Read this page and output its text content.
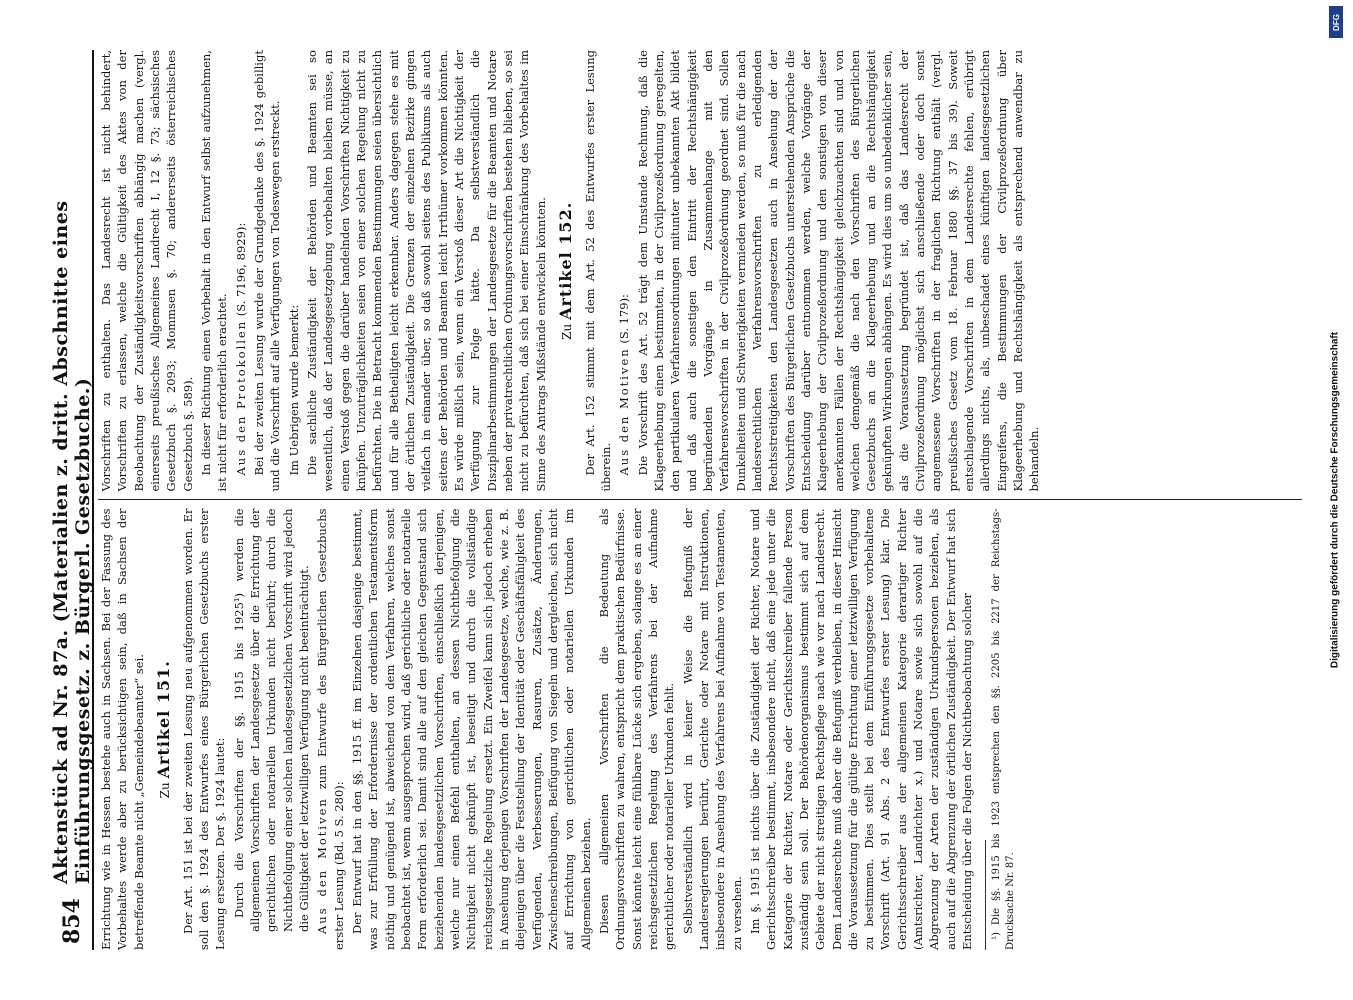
854
Aktenstück ad Nr. 87a. (Materialien z. dritt. Abschnitte eines Einführungsgesetz. z. Bürgerl. Gesetzbuche.) Errichtung wie in Hessen bestehe auch in Sachsen. Bei der Fassung des Vorbehaltes werde aber zu berücksichtigen sein, daß in Sachsen der betreffende Beamte nicht „Gemeindebeamter“ sei.	Zu Artikel 151. Der Art. 151 ist bei der zweiten Lesung neu aufgenommen worden. Er soll den §. 1924 des Entwurfes eines Bürgerlichen Gesetzbuchs erster Lesung ersetzen. Der §. 1924 lautet: Durch die Vorschriften der §§. 1915 bis 1925¹) werden die allgemeinen Vorschriften der Landesgesetze über die Errichtung der gerichtlichen oder notariellen Urkunden nicht berührt; durch die Nichtbefolgung einer solchen landesgesetzlichen Vorschrift wird jedoch die Gültigkeit der letztwilligen Verfügung nicht beeinträchtigt. Aus den Motiven zum Entwurfe des Bürgerlichen Gesetzbuchs erster Lesung (Bd. 5 S. 280): Der Entwurf hat in den §§. 1915 ff. im Einzelnen dasjenige bestimmt, was zur Erfüllung der Erfordernisse der ordentlichen Testamentsform nöthig und genügend ist, abweichend von dem Verfahren, welches sonst beobachtet ist, wenn ausgesprochen wird, daß gerichtliche oder notarielle Form erforderlich sei. Damit sind alle auf den gleichen Gegenstand sich beziehenden landesgesetzlichen Vorschriften, einschließlich derjenigen, welche nur einen Befehl enthalten, an dessen Nichtbefolgung die Nichtigkeit nicht geknüpft ist, beseitigt und durch die vollständige reichsgesetzliche Regelung ersetzt. Ein Zweifel kann sich jedoch erheben in Ansehung derjenigen Vorschriften der Landesgesetze, welche, wie z. B. diejenigen über die Feststellung der Identität oder Geschäftsfähigkeit des Verfügenden, Verbesserungen, Rasuren, Zusätze, Änderungen, Zwischenschreibungen, Beifügung von Siegeln und dergleichen, sich nicht auf Errichtung von gerichtlichen oder notariellen Urkunden im Allgemeinen beziehen. Diesen allgemeinen Vorschriften die Bedeutung als Ordnungsvorschriften zu wahren, entspricht dem praktischen Bedürfnisse. Sonst könnte leicht eine fühlbare Lücke sich ergeben, solange es an einer reichsgesetzlichen Regelung des Verfahrens bei der Aufnahme gerichtlicher oder notarieller Urkunden fehlt. Selbstverständlich wird in keiner Weise die Befugniß der Landesregierungen berührt, Gerichte oder Notare mit Instruktionen, insbesondere in Ansehung des Verfahrens bei Aufnahme von Testamenten, zu versehen. Im §. 1915 ist nichts über die Zuständigkeit der Richter, Notare und Gerichtsschreiber bestimmt, insbesondere nicht, daß eine jede unter die Kategorie der Richter, Notare oder Gerichtsschreiber fallende Person zuständig sein soll. Der Behördenorganismus bestimmt sich auf dem Gebiete der nicht streitigen Rechtspflege nach wie vor nach Landesrecht. Dem Landesrechte muß daher die Befugniß verbleiben, in dieser Hinsicht die Voraussetzung für die gültige Errichtung einer letztwilligen Verfügung zu bestimmen. Dies stellt bei dem Einführungsgesetze vorbehaltene Vorschrift (Art. 91 Abs. 2 des Entwurfes erster Lesung) klar. Die Gerichtsschreiber aus der allgemeinen Kategorie derartiger Richter (Amtsrichter, Landrichter x.) und Notare sowie sich sowohl auf die Abgrenzung der Arten der zuständigen Urkundspersonen beziehen, als auch auf die Abgrenzung der örtlichen Zuständigkeit. Der Entwurf hat sich Entscheidung über die Folgen der Nichtbeobachtung solcher ¹) Die §§. 1915 bis 1923 entsprechen den §§. 2205 bis 2217 der Reichstags-Drucksache Nr. 87.

Vorschriften zu enthalten. Das Landesrecht ist nicht behindert, Vorschriften zu erlassen, welche die Gültigkeit des Aktes von der Beobachtung der Zuständigkeitsvorschriften abhängig machen (vergl. einerseits preußisches Allgemeines Landrecht I, 12 §. 73; sächsisches Gesetzbuch §. 2093; Mommsen §. 70; andererseits österreichisches Gesetzbuch §. 589). In dieser Richtung einen Vorbehalt in den Entwurf selbst aufzunehmen, ist nicht für erforderlich erachtet. Aus den Protokollen (S. 7196, 8929): Bei der zweiten Lesung wurde der Grundgedanke des §. 1924 gebilligt und die Vorschrift auf alle Verfügungen von Todeswegen erstreckt. Im Uebrigen wurde bemerkt: Die sachliche Zuständigkeit der Behörden und Beamten sei so wesentlich, daß der Landesgesetzgebung vorbehalten bleiben müsse, an einen Verstoß gegen die darüber handelnden Vorschriften Nichtigkeit zu knüpfen. Unzuträglichkeiten seien von einer solchen Regelung nicht zu befürchten. Die in Betracht kommenden Bestimmungen seien übersichtlich und für alle Betheiligten leicht erkennbar. Anders dagegen stehe es mit der örtlichen Zuständigkeit. Die Grenzen der einzelnen Bezirke gingen vielfach in einander über, so daß sowohl seitens des Publikums als auch seitens der Behörden und Beamten leicht Irrthümer vorkommen könnten. Es würde mißlich sein, wenn ein Verstoß dieser Art die Nichtigkeit der Verfügung zur Folge hätte. Da selbstverständlich die Disziplinarbestimmungen der Landesgesetze für die Beamten und Notare neben der privatrechtlichen Ordnungsvorschriften bestehen blieben, so sei nicht zu befürchten, daß sich bei einer Einschränkung des Vorbehaltes im Sinne des Antrags Mißstände entwickeln könnten.	Zu Artikel 152. Der Art. 152 stimmt mit dem Art. 52 des Entwurfes erster Lesung überein. Aus den Motiven (S. 179): Die Vorschrift des Art. 52 trägt dem Umstande Rechnung, daß die Klageerhebung einen bestimmten, in der Civilprozeßordnung geregelten, den partikularen Verfahrensordnungen mitunter unbekannten Akt bildet und daß auch die sonstigen den Eintritt der Rechtshängigkeit begründenden Vorgänge in Zusammenhange mit den Verfahrensvorschriften in der Civilprozeßordnung geordnet sind. Sollen Dunkelheiten und Schwierigkeiten vermieden werden, so muß für die nach landesrechtlichen Verfahrensvorschriften zu erledigenden Rechtsstreitigkeiten den Landesgesetzen auch in Ansehung der der Vorschriften des Bürgerlichen Gesetzbuchs unterstehenden Ansprüche die Entscheidung darüber entnommen werden, welche Vorgänge der Klageerhebung der Civilprozeßordnung und den sonstigen von dieser anerkannten Fällen der Rechtshängigkeit gleichzuachten sind und von welchen demgemäß die nach den Vorschriften des Bürgerlichen Gesetzbuchs an die Klageerhebung und an die Rechtshängigkeit geknüpften Wirkungen abhängen. Es wird dies um so unbedenklicher sein, als die Voraussetzung begründet ist, daß das Landesrecht der Civilprozeßordnung möglichst sich anschließende oder doch sonst angemessene Vorschriften in der fraglichen Richtung enthält (vergl. preußisches Gesetz vom 18. Februar 1880 §§. 37 bis 39). Soweit entschlagende Vorschriften in dem Landesrechte fehlen, erübrigt allerdings nichts, als, unbeschadet eines künftigen landesgesetzlichen Eingreifens, die Bestimmungen der Civilprozeßordnung über Klageerhebung und Rechtshängigkeit als entsprechend anwendbar zu behandeln.

DFG
Digitalisierung gefördert durch die Deutsche Forschungsgemeinschaft
